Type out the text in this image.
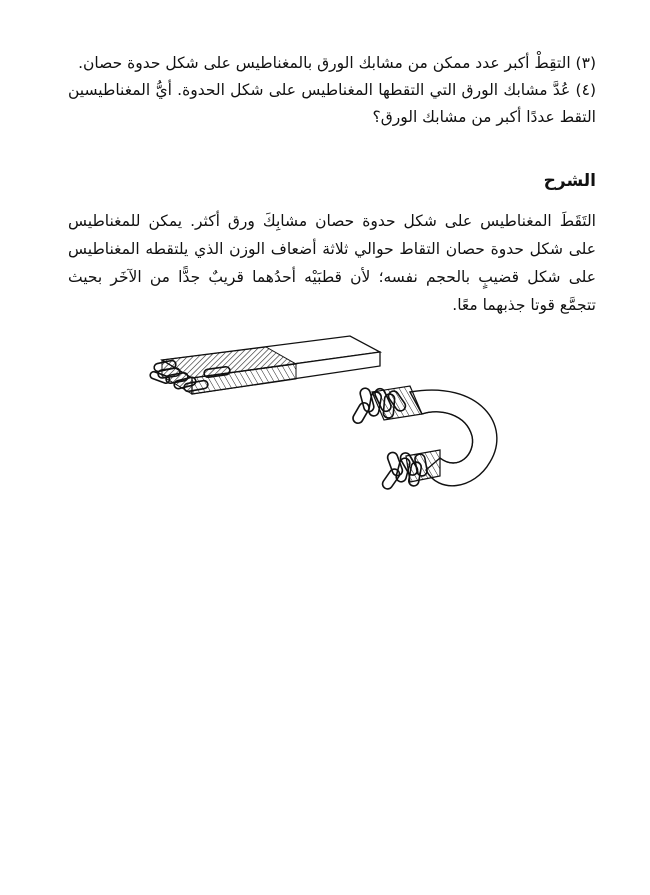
(٣) التقِطْ أكبر عدد ممكن من مشابك الورق بالمغناطيس على شكل حدوة حصان.

(٤) عُدَّ مشابك الورق التي التقطها المغناطيس على شكل الحدوة. أيُّ المغناطيسين التقط عددًا أكبر من مشابك الورق؟

الشرح

التَقَطَ المغناطيس على شكل حدوة حصان مشابِكَ ورق أكثر. يمكن للمغناطيس على شكل حدوة حصان التقاط حوالي ثلاثة أضعاف الوزن الذي يلتقطه المغناطيس على شكل قضيبٍ بالحجم نفسه؛ لأن قطبَيْه أحدُهما قريبٌ جدًّا من الآخَر بحيث تتجمَّع قوتا جذبهما معًا.
